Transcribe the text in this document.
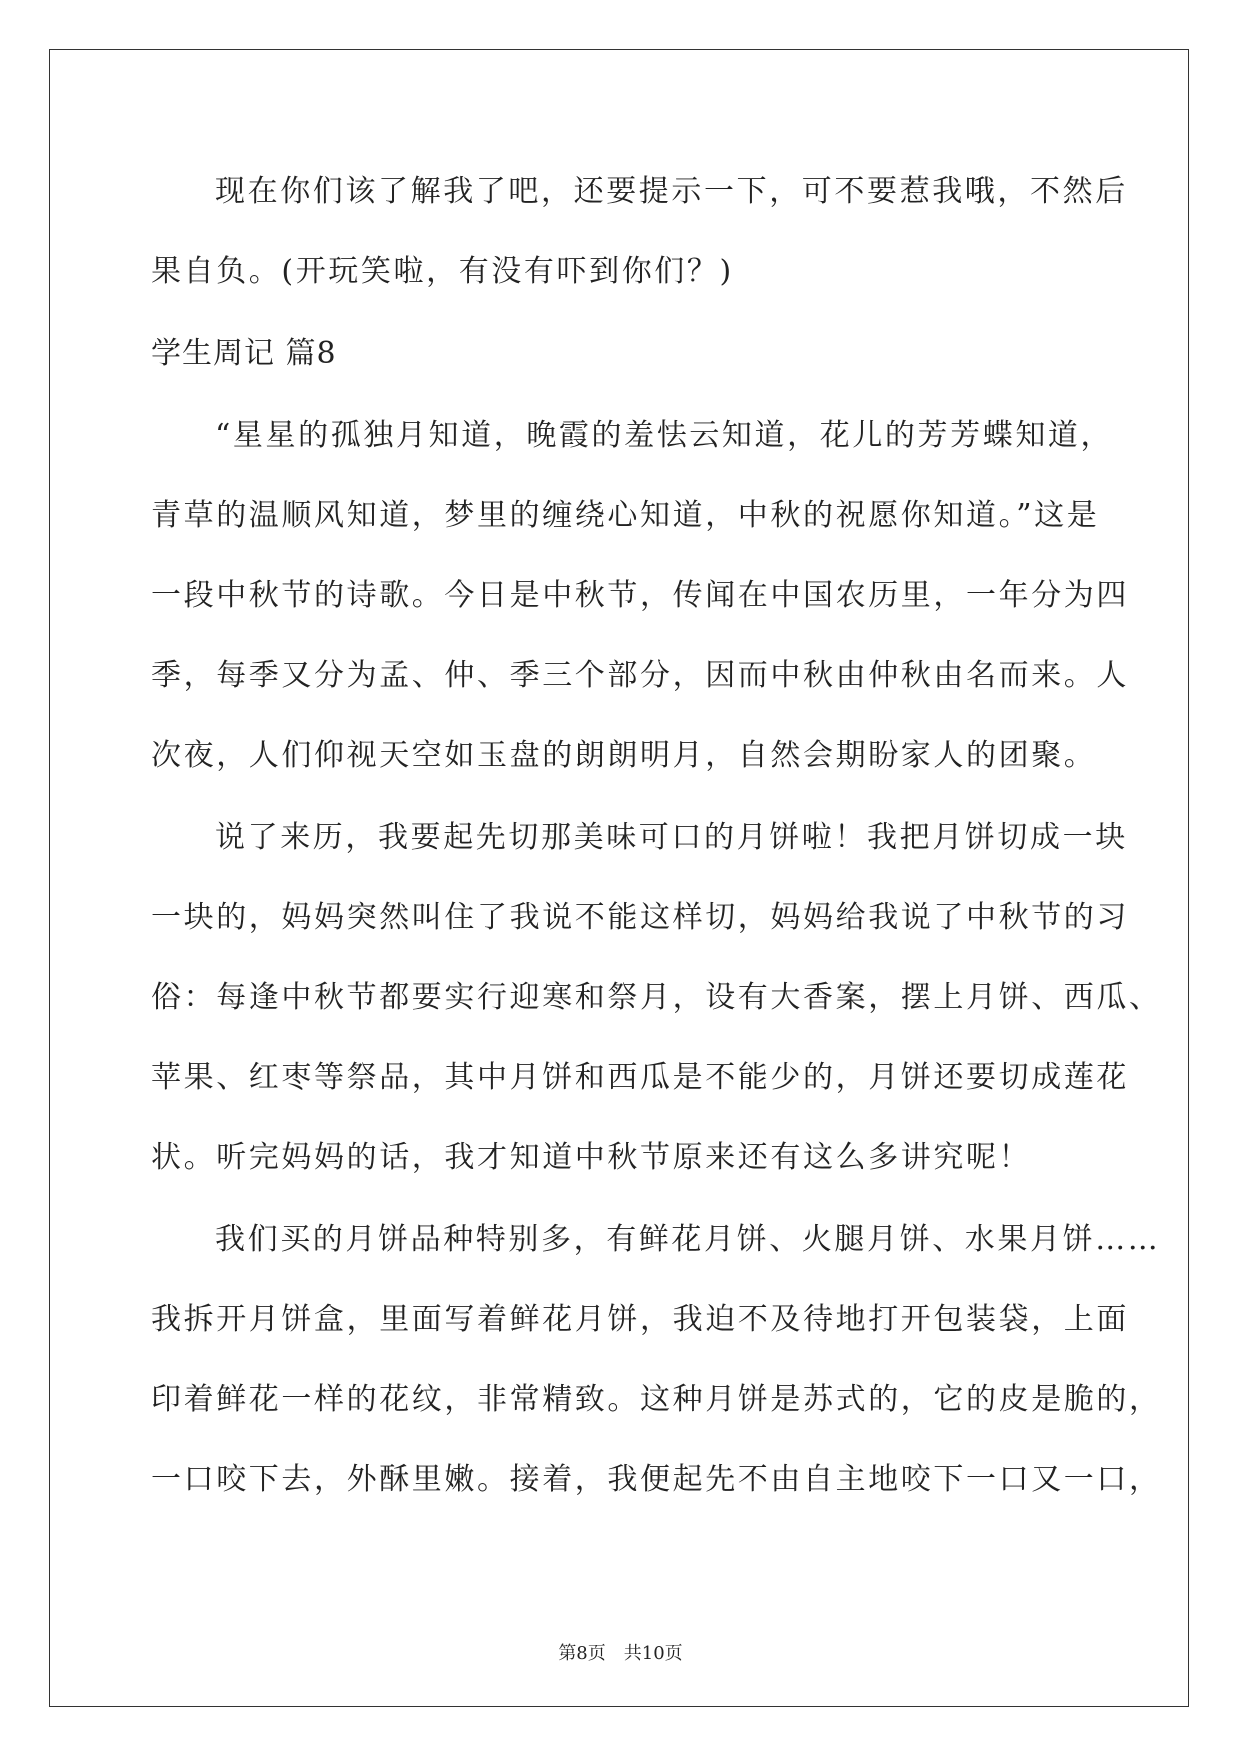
现在你们该了解我了吧，还要提示一下，可不要惹我哦，不然后
果自负。(开玩笑啦，有没有吓到你们？)
学生周记 篇8
“星星的孤独月知道，晚霞的羞怯云知道，花儿的芳芳蝶知道，
青草的温顺风知道，梦里的缠绕心知道，中秋的祝愿你知道。”这是
一段中秋节的诗歌。今日是中秋节，传闻在中国农历里，一年分为四
季，每季又分为孟、仲、季三个部分，因而中秋由仲秋由名而来。人
次夜，人们仰视天空如玉盘的朗朗明月，自然会期盼家人的团聚。
说了来历，我要起先切那美味可口的月饼啦！我把月饼切成一块
一块的，妈妈突然叫住了我说不能这样切，妈妈给我说了中秋节的习
俗：每逢中秋节都要实行迎寒和祭月，设有大香案，摆上月饼、西瓜、
苹果、红枣等祭品，其中月饼和西瓜是不能少的，月饼还要切成莲花
状。听完妈妈的话，我才知道中秋节原来还有这么多讲究呢！
我们买的月饼品种特别多，有鲜花月饼、火腿月饼、水果月饼……
我拆开月饼盒，里面写着鲜花月饼，我迫不及待地打开包装袋，上面
印着鲜花一样的花纹，非常精致。这种月饼是苏式的，它的皮是脆的，
一口咬下去，外酥里嫩。接着，我便起先不由自主地咬下一口又一口，
第8页 共10页
